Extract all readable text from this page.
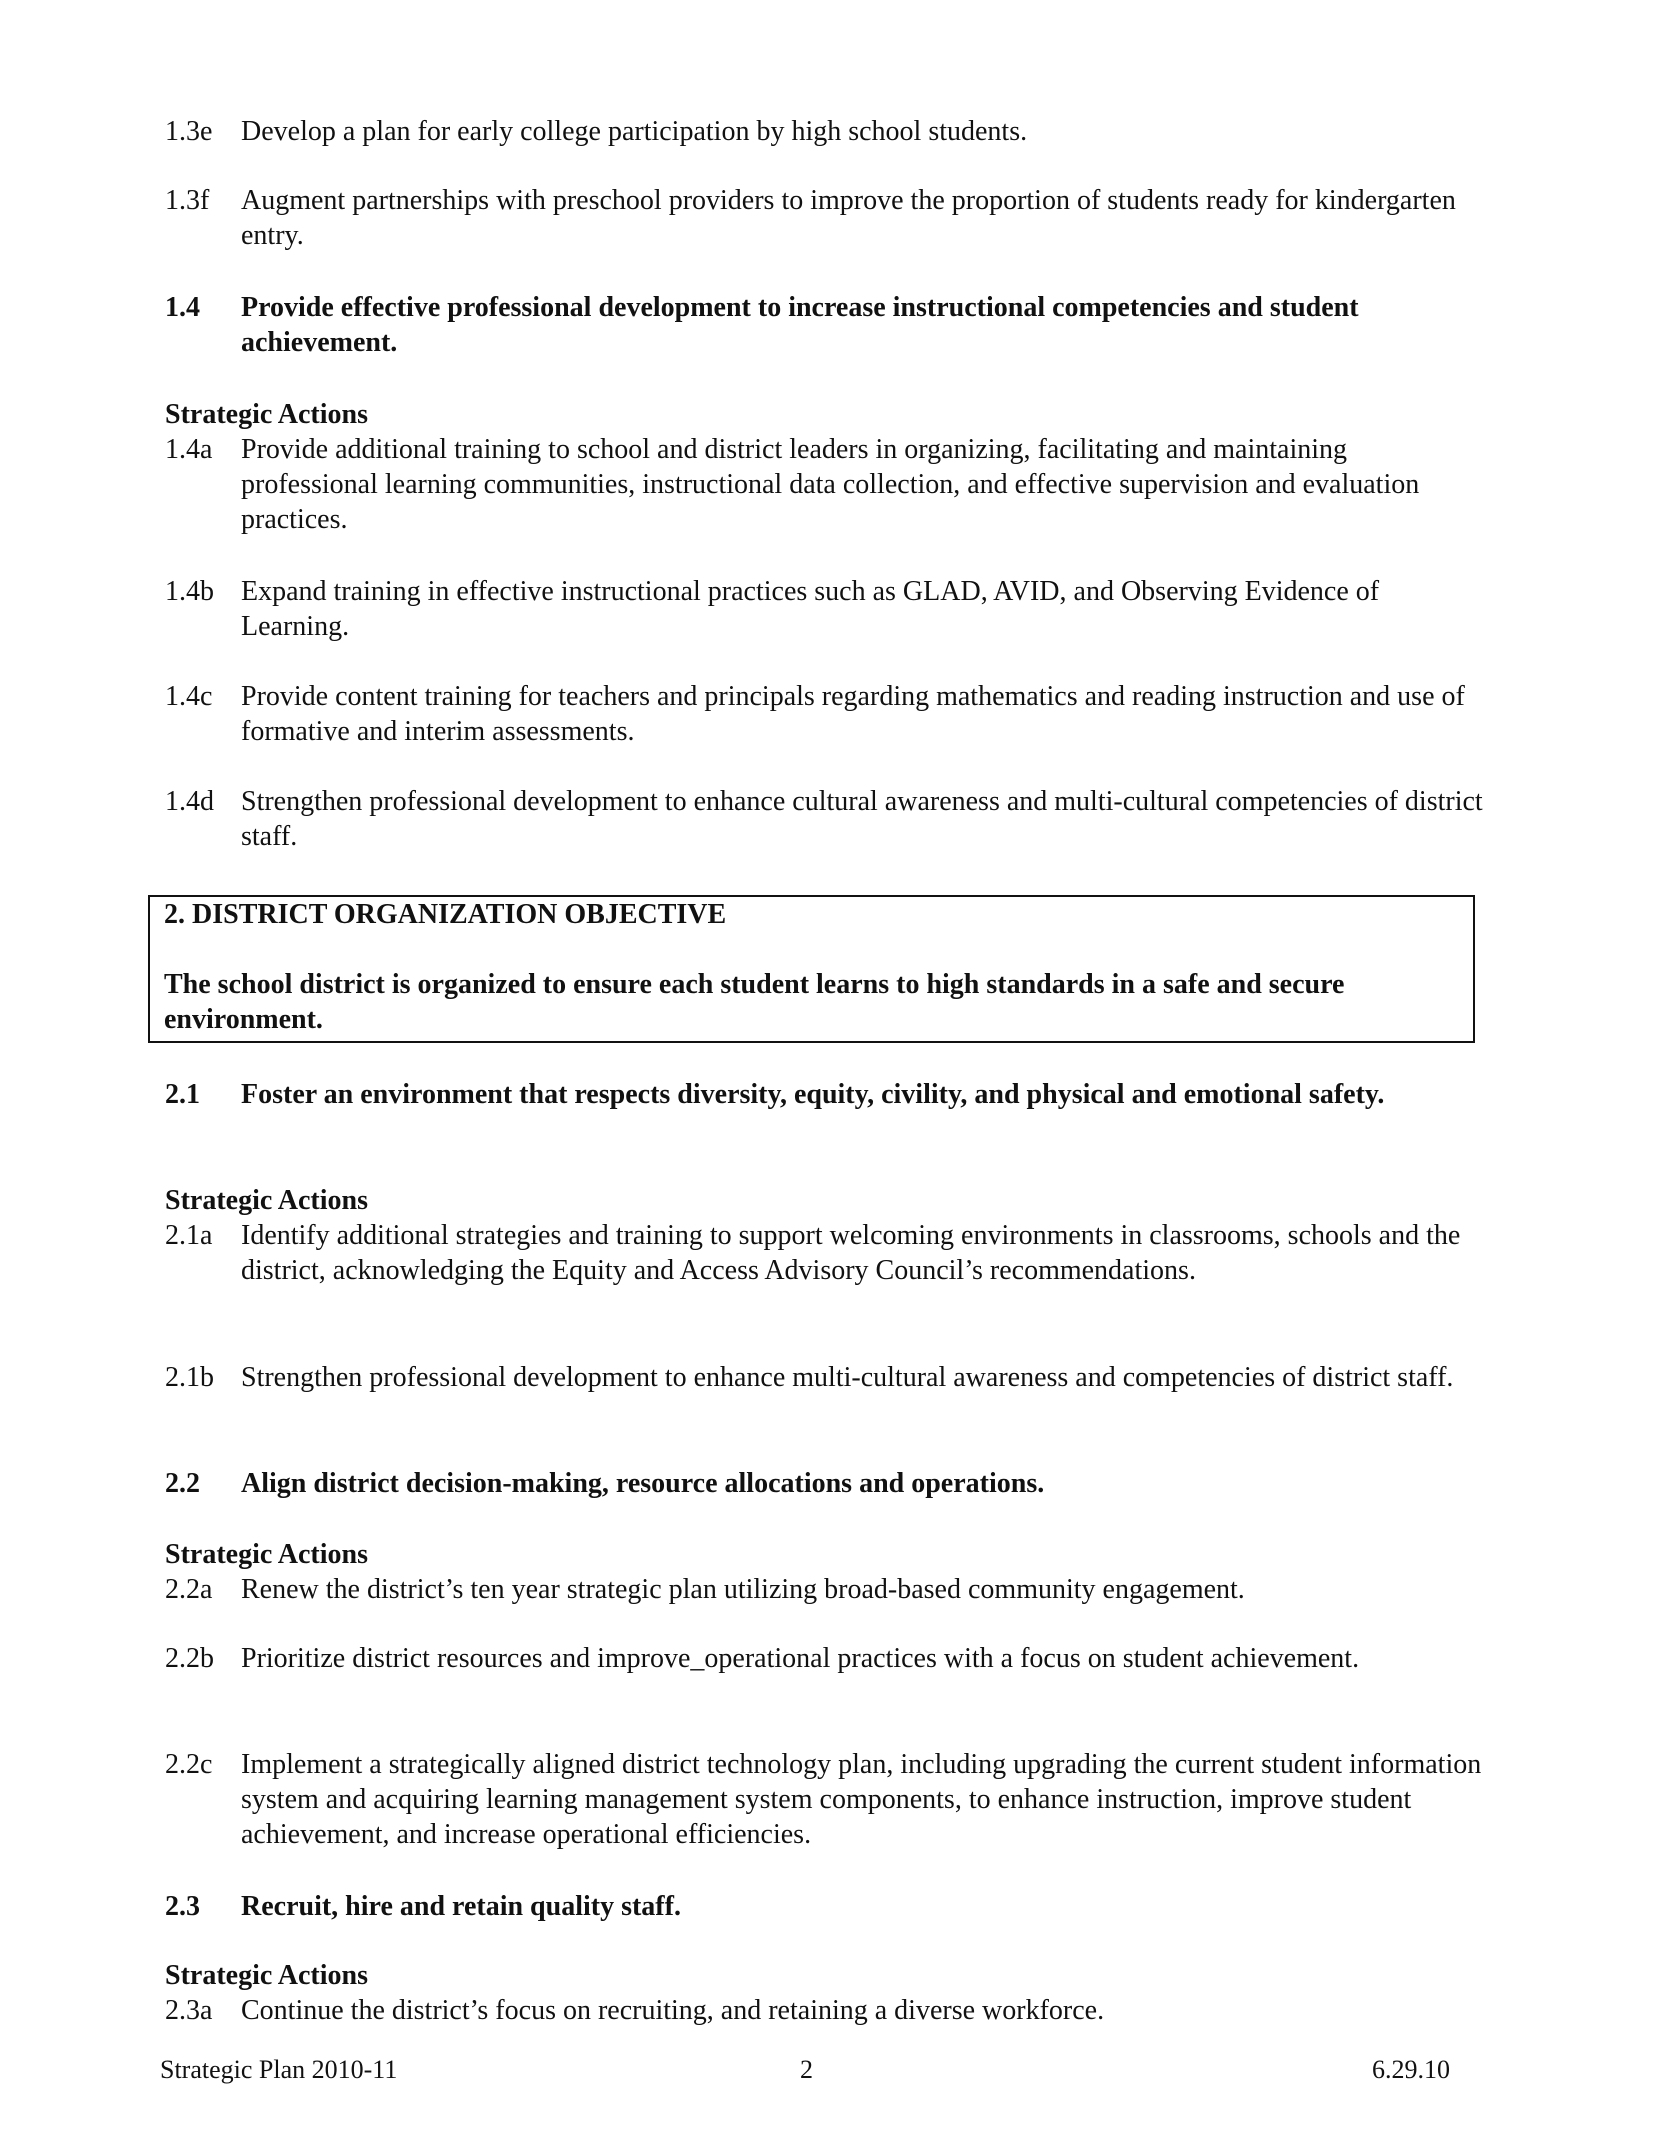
1.3e Develop a plan for early college participation by high school students.
1.3f Augment partnerships with preschool providers to improve the proportion of students ready for kindergarten entry.
1.4 Provide effective professional development to increase instructional competencies and student achievement.
Strategic Actions
1.4a Provide additional training to school and district leaders in organizing, facilitating and maintaining professional learning communities, instructional data collection, and effective supervision and evaluation practices.
1.4b Expand training in effective instructional practices such as GLAD, AVID, and Observing Evidence of Learning.
1.4c Provide content training for teachers and principals regarding mathematics and reading instruction and use of formative and interim assessments.
1.4d Strengthen professional development to enhance cultural awareness and multi-cultural competencies of district staff.
2. DISTRICT ORGANIZATION OBJECTIVE
The school district is organized to ensure each student learns to high standards in a safe and secure environment.
2.1 Foster an environment that respects diversity, equity, civility, and physical and emotional safety.
Strategic Actions
2.1a Identify additional strategies and training to support welcoming environments in classrooms, schools and the district, acknowledging the Equity and Access Advisory Council’s recommendations.
2.1b Strengthen professional development to enhance multi-cultural awareness and competencies of district staff.
2.2 Align district decision-making, resource allocations and operations.
Strategic Actions
2.2a Renew the district’s ten year strategic plan utilizing broad-based community engagement.
2.2b Prioritize district resources and improve_operational practices with a focus on student achievement.
2.2c Implement a strategically aligned district technology plan, including upgrading the current student information system and acquiring learning management system components, to enhance instruction, improve student achievement, and increase operational efficiencies.
2.3 Recruit, hire and retain quality staff.
Strategic Actions
2.3a Continue the district’s focus on recruiting, and retaining a diverse workforce.
Strategic Plan 2010-11	2	6.29.10
